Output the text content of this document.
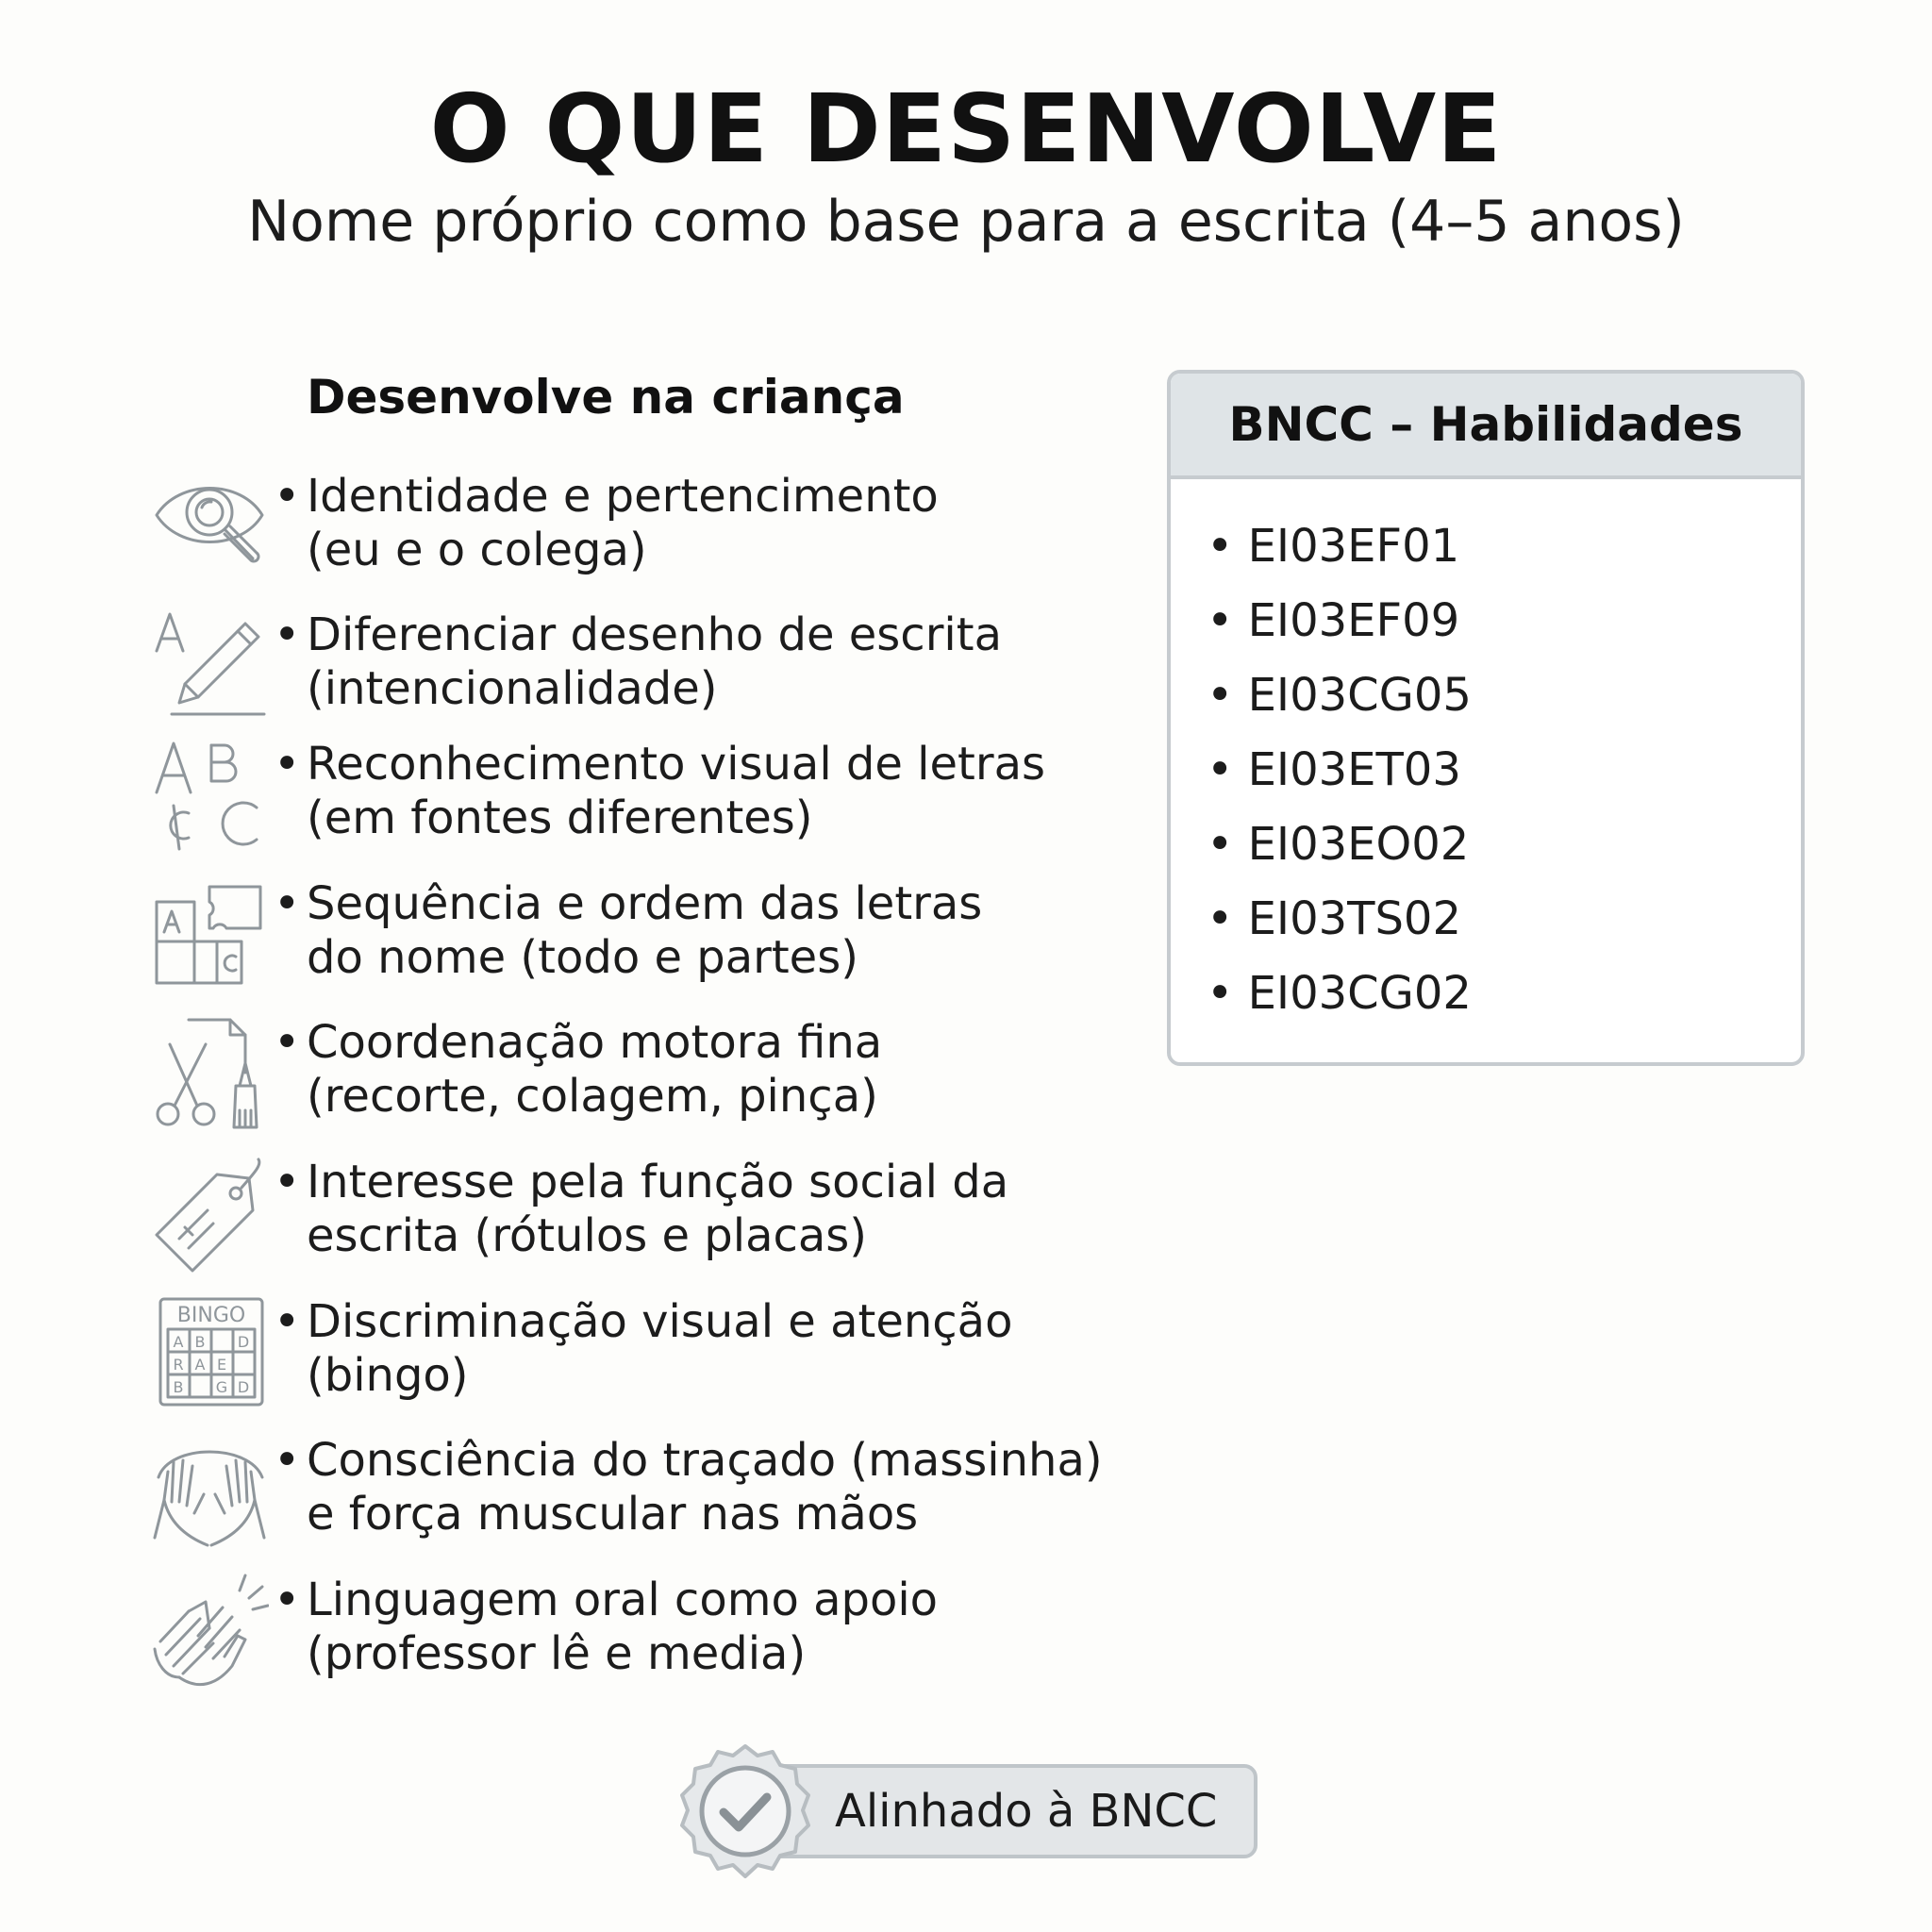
O QUE DESENVOLVE
Nome próprio como base para a escrita (4–5 anos)
Desenvolve na criança
• Identidade e pertencimento
(eu e o colega)
• Diferenciar desenho de escrita
(intencionalidade)
• Reconhecimento visual de letras
(em fontes diferentes)
• Sequência e ordem das letras
do nome (todo e partes)
• Coordenação motora fina
(recorte, colagem, pinça)
• Interesse pela função social da
escrita (rótulos e placas)
BINGO
A B D
R A E
B G D
• Discriminação visual e atenção
(bingo)
• Consciência do traçado (massinha)
e força muscular nas mãos
• Linguagem oral como apoio
(professor lê e media)
BNCC – Habilidades
• EI03EF01
• EI03EF09
• EI03CG05
• EI03ET03
• EI03EO02
• EI03TS02
• EI03CG02
Alinhado à BNCC
